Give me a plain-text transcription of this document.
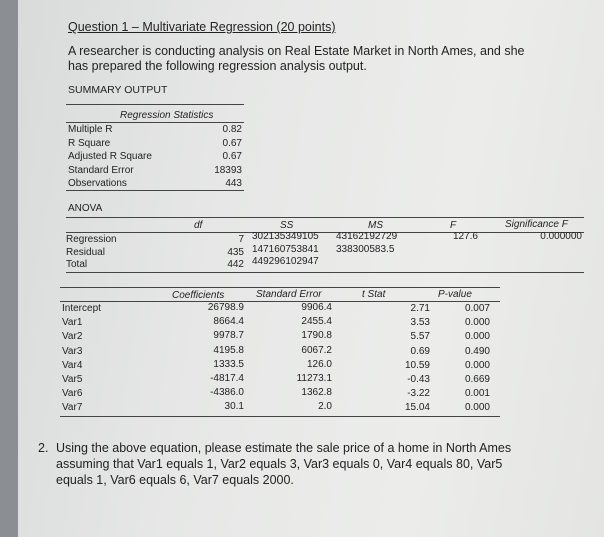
Question 1 – Multivariate Regression (20 points)
A researcher is conducting analysis on Real Estate Market in North Ames, and she has prepared the following regression analysis output.
SUMMARY OUTPUT
Regression Statistics
Multiple R	0.82
R Square	0.67
Adjusted R Square	0.67
Standard Error	18393
Observations	443
ANOVA
df	SS	MS	F	Significance F
Regression	7 302135349105 43162192729	127.6	0.000000
Residual	435 147160753841 338300583.5
Total	442 449296102947
Coefficients	Standard Error	t Stat	P-value
Intercept	26798.9	9906.4	2.71	0.007
Var1	8664.4	2455.4	3.53	0.000
Var2	9978.7	1790.8	5.57	0.000
Var3	4195.8	6067.2	0.69	0.490
Var4	1333.5	126.0	10.59	0.000
Var5	-4817.4	11273.1	-0.43	0.669
Var6	-4386.0	1362.8	-3.22	0.001
Var7	30.1	2.0	15.04	0.000
2. Using the above equation, please estimate the sale price of a home in North Ames assuming that Var1 equals 1, Var2 equals 3, Var3 equals 0, Var4 equals 80, Var5 equals 1, Var6 equals 6, Var7 equals 2000.
